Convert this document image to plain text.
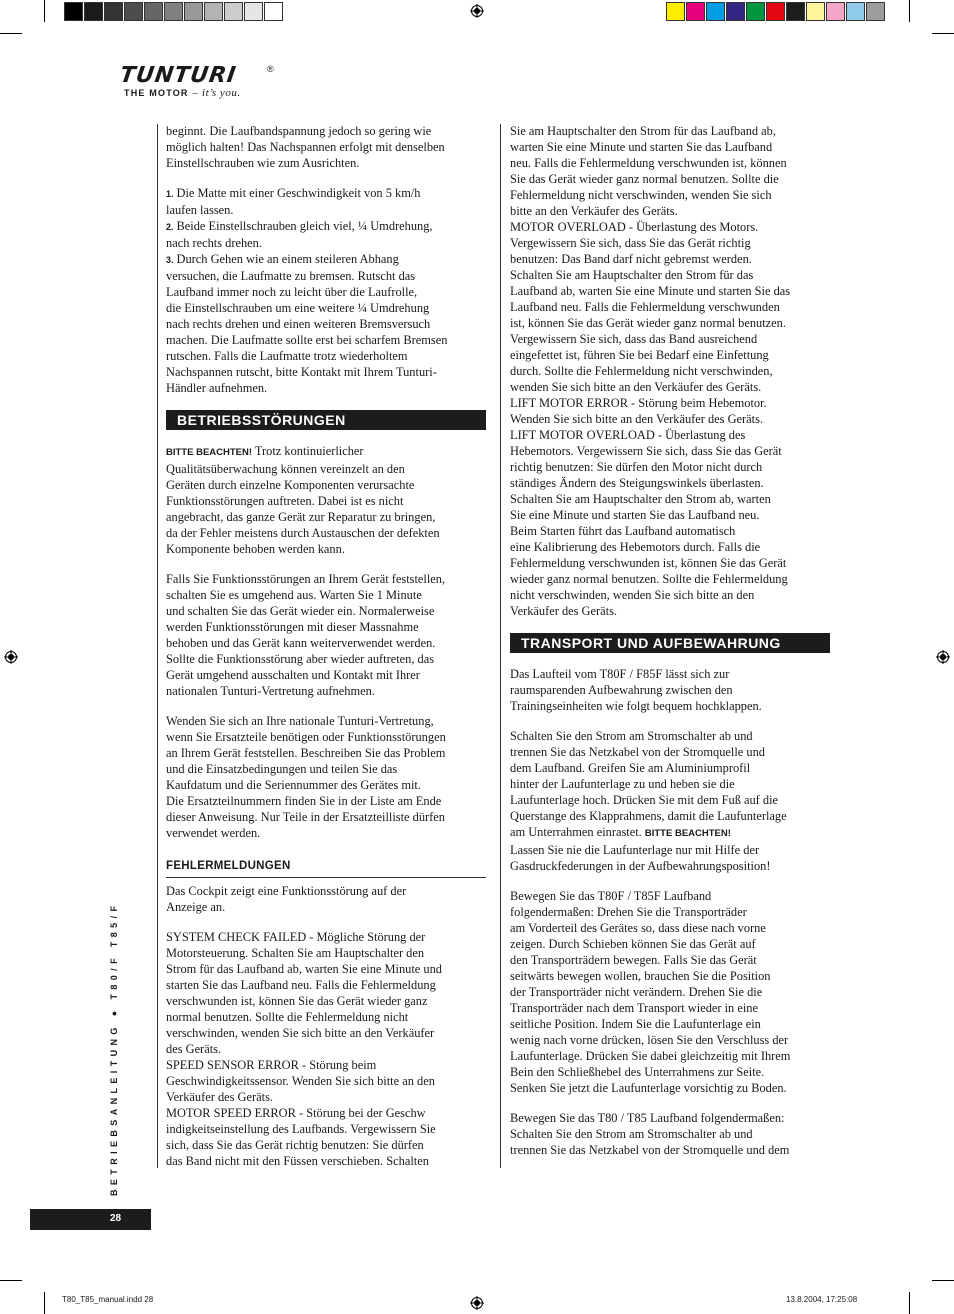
TUNTURI	®
THE MOTOR – it’s you.

beginnt. Die Laufbandspannung jedoch so gering wie
möglich halten! Das Nachspannen erfolgt mit denselben
Einstellschrauben wie zum Ausrichten.

1. Die Matte mit einer Geschwindigkeit von 5 km/h
laufen lassen.

2. Beide Einstellschrauben gleich viel, ¼ Umdrehung,
nach rechts drehen.

3. Durch Gehen wie an einem steileren Abhang
versuchen, die Laufmatte zu bremsen. Rutscht das
Laufband immer noch zu leicht über die Laufrolle,
die Einstellschrauben um eine weitere ¼ Umdrehung
nach rechts drehen und einen weiteren Bremsversuch
machen. Die Laufmatte sollte erst bei scharfem Bremsen
rutschen. Falls die Laufmatte trotz wiederholtem
Nachspannen rutscht, bitte Kontakt mit Ihrem Tunturi-
Händler aufnehmen.

BETRIEBSSTÖRUNGEN

BITTE BEACHTEN! Trotz kontinuierlicher
Qualitätsüberwachung können vereinzelt an den
Geräten durch einzelne Komponenten verursachte
Funktionsstörungen auftreten. Dabei ist es nicht
angebracht, das ganze Gerät zur Reparatur zu bringen,
da der Fehler meistens durch Austauschen der defekten
Komponente behoben werden kann.

Falls Sie Funktionsstörungen an Ihrem Gerät feststellen,
schalten Sie es umgehend aus. Warten Sie 1 Minute
und schalten Sie das Gerät wieder ein. Normalerweise
werden Funktionsstörungen mit dieser Massnahme
behoben und das Gerät kann weiterverwendet werden.
Sollte die Funktionsstörung aber wieder auftreten, das
Gerät umgehend ausschalten und Kontakt mit Ihrer
nationalen Tunturi-Vertretung aufnehmen.

Wenden Sie sich an Ihre nationale Tunturi-Vertretung,
wenn Sie Ersatzteile benötigen oder Funktionsstörungen
an Ihrem Gerät feststellen. Beschreiben Sie das Problem
und die Einsatzbedingungen und teilen Sie das
Kaufdatum und die Seriennummer des Gerätes mit.
Die Ersatzteilnummern finden Sie in der Liste am Ende
dieser Anweisung. Nur Teile in der Ersatzteilliste dürfen
verwendet werden.

FEHLERMELDUNGEN

Das Cockpit zeigt eine Funktionsstörung auf der
Anzeige an.

SYSTEM CHECK FAILED - Mögliche Störung der
Motorsteuerung. Schalten Sie am Hauptschalter den
Strom für das Laufband ab, warten Sie eine Minute und
starten Sie das Laufband neu. Falls die Fehlermeldung
verschwunden ist, können Sie das Gerät wieder ganz
normal benutzen. Sollte die Fehlermeldung nicht
verschwinden, wenden Sie sich bitte an den Verkäufer
des Geräts.
SPEED SENSOR ERROR - Störung beim
Geschwindigkeitssensor. Wenden Sie sich bitte an den
Verkäufer des Geräts.
MOTOR SPEED ERROR - Störung bei der Geschw
indigkeitseinstellung des Laufbands. Vergewissern Sie
sich, dass Sie das Gerät richtig benutzen: Sie dürfen
das Band nicht mit den Füssen verschieben. Schalten

Sie am Hauptschalter den Strom für das Laufband ab,
warten Sie eine Minute und starten Sie das Laufband
neu. Falls die Fehlermeldung verschwunden ist, können
Sie das Gerät wieder ganz normal benutzen. Sollte die
Fehlermeldung nicht verschwinden, wenden Sie sich
bitte an den Verkäufer des Geräts.
MOTOR OVERLOAD - Überlastung des Motors.
Vergewissern Sie sich, dass Sie das Gerät richtig
benutzen: Das Band darf nicht gebremst werden.
Schalten Sie am Hauptschalter den Strom für das
Laufband ab, warten Sie eine Minute und starten Sie das
Laufband neu. Falls die Fehlermeldung verschwunden
ist, können Sie das Gerät wieder ganz normal benutzen.
Vergewissern Sie sich, dass das Band ausreichend
eingefettet ist, führen Sie bei Bedarf eine Einfettung
durch. Sollte die Fehlermeldung nicht verschwinden,
wenden Sie sich bitte an den Verkäufer des Geräts.
LIFT MOTOR ERROR - Störung beim Hebemotor.
Wenden Sie sich bitte an den Verkäufer des Geräts.
LIFT MOTOR OVERLOAD - Überlastung des
Hebemotors. Vergewissern Sie sich, dass Sie das Gerät
richtig benutzen: Sie dürfen den Motor nicht durch
ständiges Ändern des Steigungswinkels überlasten.
Schalten Sie am Hauptschalter den Strom ab, warten
Sie eine Minute und starten Sie das Laufband neu.
Beim Starten führt das Laufband automatisch
eine Kalibrierung des Hebemotors durch. Falls die
Fehlermeldung verschwunden ist, können Sie das Gerät
wieder ganz normal benutzen. Sollte die Fehlermeldung
nicht verschwinden, wenden Sie sich bitte an den
Verkäufer des Geräts.

TRANSPORT UND AUFBEWAHRUNG

Das Laufteil vom T80F / F85F lässt sich zur
raumsparenden Aufbewahrung zwischen den
Trainingseinheiten wie folgt bequem hochklappen.

Schalten Sie den Strom am Stromschalter ab und
trennen Sie das Netzkabel von der Stromquelle und
dem Laufband. Greifen Sie am Aluminiumprofil
hinter der Laufunterlage zu und heben sie die
Laufunterlage hoch. Drücken Sie mit dem Fuß auf die
Querstange des Klapprahmens, damit die Laufunterlage
am Unterrahmen einrastet. BITTE BEACHTEN!

Lassen Sie nie die Laufunterlage nur mit Hilfe der
Gasdruckfederungen in der Aufbewahrungsposition!

Bewegen Sie das T80F / T85F Laufband
folgendermaßen: Drehen Sie die Transporträder
am Vorderteil des Gerätes so, dass diese nach vorne
zeigen. Durch Schieben können Sie das Gerät auf
den Transporträdern bewegen. Falls Sie das Gerät
seitwärts bewegen wollen, brauchen Sie die Position
der Transporträder nicht verändern. Drehen Sie die
Transporträder nach dem Transport wieder in eine
seitliche Position. Indem Sie die Laufunterlage ein
wenig nach vorne drücken, lösen Sie den Verschluss der
Laufunterlage. Drücken Sie dabei gleichzeitig mit Ihrem
Bein den Schließhebel des Unterrahmens zur Seite.
Senken Sie jetzt die Laufunterlage vorsichtig zu Boden.

Bewegen Sie das T80 / T85 Laufband folgendermaßen:
Schalten Sie den Strom am Stromschalter ab und
trennen Sie das Netzkabel von der Stromquelle und dem

BETRIEBSANLEITUNG ● T80/F T85/F
28
T80_T85_manual.indd 28	13.8.2004, 17:25:08
